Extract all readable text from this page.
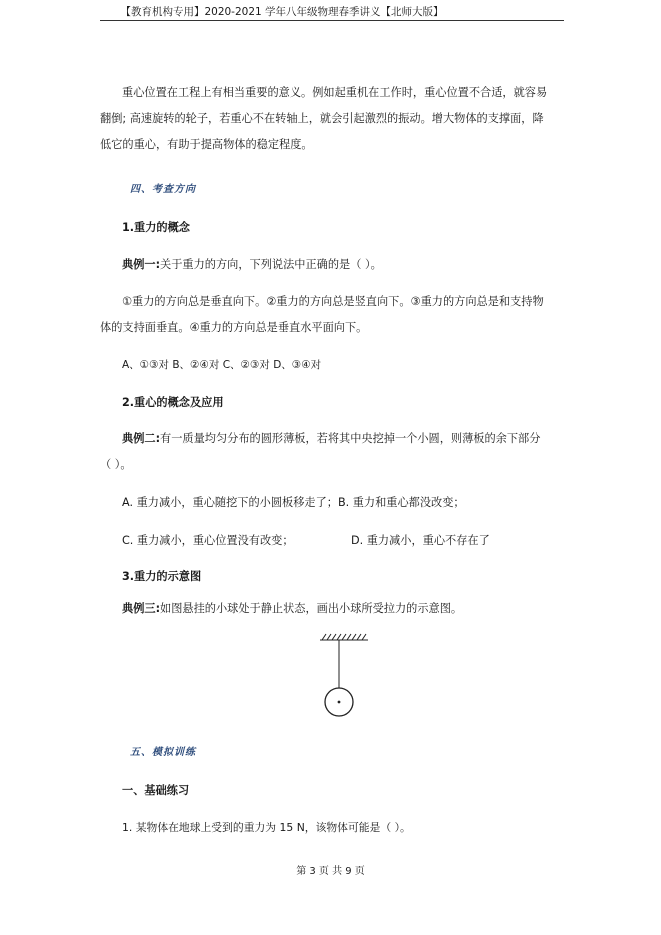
【教育机构专用】2020-2021 学年八年级物理春季讲义【北师大版】
重心位置在工程上有相当重要的意义。例如起重机在工作时，重心位置不合适，就容易
翻倒; 高速旋转的轮子，若重心不在转轴上，就会引起激烈的振动。增大物体的支撑面，降
低它的重心，有助于提高物体的稳定程度。
四、考查方向
1.重力的概念
典例一:关于重力的方向，下列说法中正确的是（ ）。
①重力的方向总是垂直向下。②重力的方向总是竖直向下。③重力的方向总是和支持物
体的支持面垂直。④重力的方向总是垂直水平面向下。
A、①③对 B、②④对 C、②③对 D、③④对
2.重心的概念及应用
典例二:有一质量均匀分布的圆形薄板，若将其中央挖掉一个小圆，则薄板的余下部分
（ ）。
A. 重力减小，重心随挖下的小圆板移走了；B. 重力和重心都没改变；
C. 重力减小，重心位置没有改变；	D. 重力减小，重心不存在了
3.重力的示意图
典例三:如图悬挂的小球处于静止状态，画出小球所受拉力的示意图。
五、模拟训练
一、基础练习
1. 某物体在地球上受到的重力为 15 N，该物体可能是（ ）。
第 3 页 共 9 页
